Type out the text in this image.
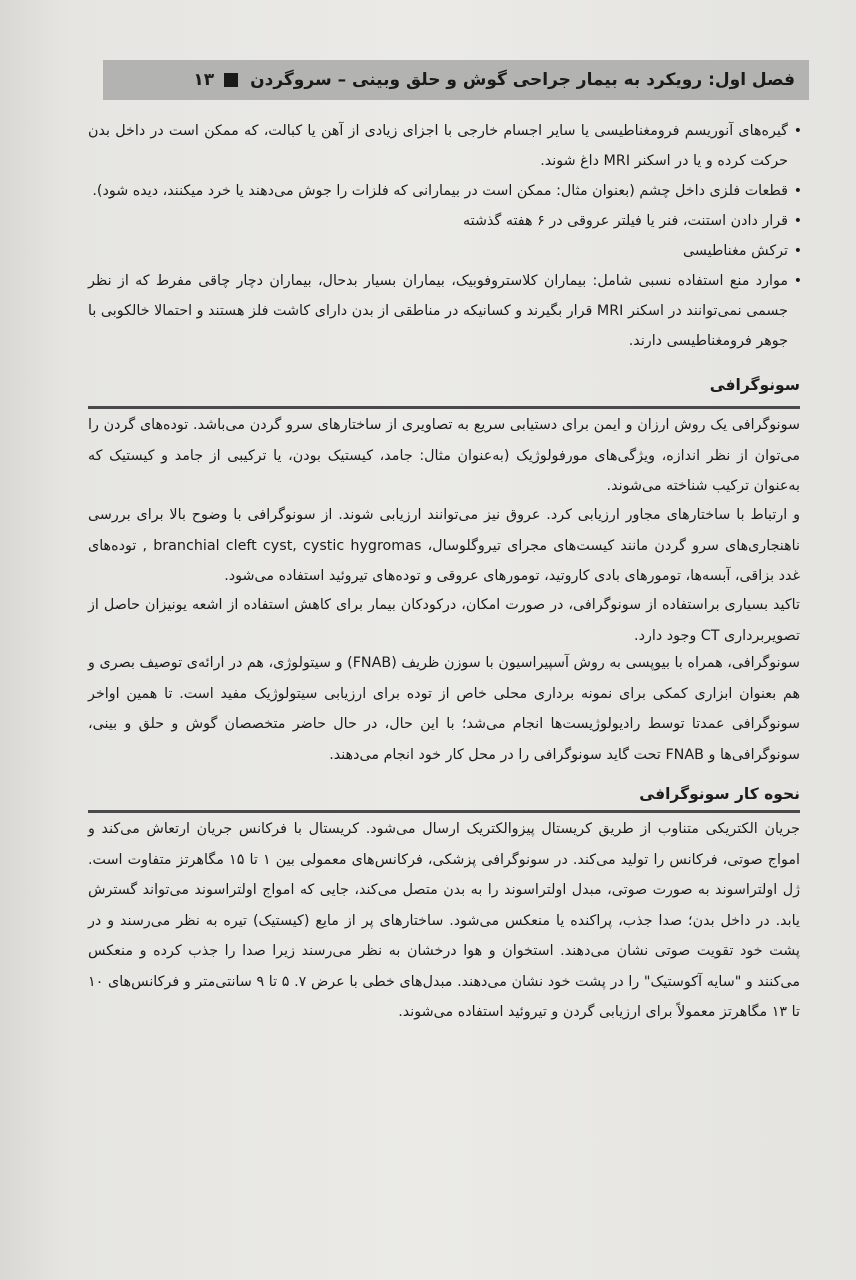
فصل اول: رویکرد به بیمار جراحی گوش و حلق وبینی – سروگردن
۱۳
•
گیره‌های آنوریسم فرومغناطیسی یا سایر اجسام خارجی با اجزای زیادی از آهن یا کبالت، که ممکن است در داخل بدن حرکت کرده و یا در اسکنر MRI داغ شوند.
•
قطعات فلزی داخل چشم (بعنوان مثال: ممکن است در بیمارانی که فلزات را جوش می‌دهند یا خرد میکنند، دیده شود).
•
قرار دادن استنت، فنر یا فیلتر عروقی در ۶ هفته گذشته
•
ترکش مغناطیسی
•
موارد منع استفاده نسبی شامل: بیماران کلاستروفوبیک، بیماران بسیار بدحال، بیماران دچار چاقی مفرط که از نظر جسمی نمی‌توانند در اسکنر MRI قرار بگیرند و کسانیکه در مناطقی از بدن دارای کاشت فلز هستند و احتمالا خالکوبی با جوهر فرومغناطیسی دارند.
سونوگرافی

سونوگرافی یک روش ارزان و ایمن برای دستیابی سریع به تصاویری از ساختارهای سرو گردن می‌باشد. توده‌های گردن را می‌توان از نظر اندازه، ویژگی‌های مورفولوژیک (به‌عنوان مثال: جامد، کیستیک بودن، یا ترکیبی از جامد و کیستیک که به‌عنوان ترکیب شناخته می‌شوند.

و ارتباط با ساختارهای مجاور ارزیابی کرد. عروق نیز می‌توانند ارزیابی شوند. از سونوگرافی با وضوح بالا برای بررسی ناهنجاری‌های سرو گردن مانند کیست‌های مجرای تیروگلوسال، branchial cleft cyst, cystic hygromas , توده‌های غدد بزاقی، آبسه‌ها، تومورهای بادی کاروتید، تومورهای عروقی و توده‌های تیروئید استفاده می‌شود.

تاکید بسیاری براستفاده از سونوگرافی، در صورت امکان، درکودکان بیمار برای کاهش استفاده از اشعه یونیزان حاصل از تصویربرداری CT وجود دارد.

سونوگرافی، همراه با بیوپسی به روش آسپیراسیون با سوزن ظریف (FNAB) و سیتولوژی، هم در ارائه‌ی توصیف بصری و هم بعنوان ابزاری کمکی برای نمونه برداری محلی خاص از توده برای ارزیابی سیتولوژیک مفید است. تا همین اواخر سونوگرافی عمدتا توسط رادیولوژیست‌ها انجام می‌شد؛ با این حال، در حال حاضر متخصصان گوش و حلق و بینی، سونوگرافی‌ها و FNAB تحت گاید سونوگرافی را در محل کار خود انجام می‌دهند.

نحوه کار سونوگرافی

جریان الکتریکی متناوب از طریق کریستال پیزوالکتریک ارسال می‌شود. کریستال با فرکانس جریان ارتعاش می‌کند و امواج صوتی، فرکانس را تولید می‌کند. در سونوگرافی پزشکی، فرکانس‌های معمولی بین ۱ تا ۱۵ مگاهرتز متفاوت است. ژل اولتراسوند به صورت صوتی، مبدل اولتراسوند را به بدن متصل می‌کند، جایی که امواج اولتراسوند می‌تواند گسترش یابد. در داخل بدن؛ صدا جذب، پراکنده یا منعکس می‌شود. ساختارهای پر از مایع (کیستیک) تیره به نظر می‌رسند و در پشت خود تقویت صوتی نشان می‌دهند. استخوان و هوا درخشان به نظر می‌رسند زیرا صدا را جذب کرده و منعکس می‌کنند و "سایه آکوستیک" را در پشت خود نشان می‌دهند. مبدل‌های خطی با عرض ۷. ۵ تا ۹ سانتی‌متر و فرکانس‌های ۱۰ تا ۱۳ مگاهرتز معمولاً برای ارزیابی گردن و تیروئید استفاده می‌شوند.
